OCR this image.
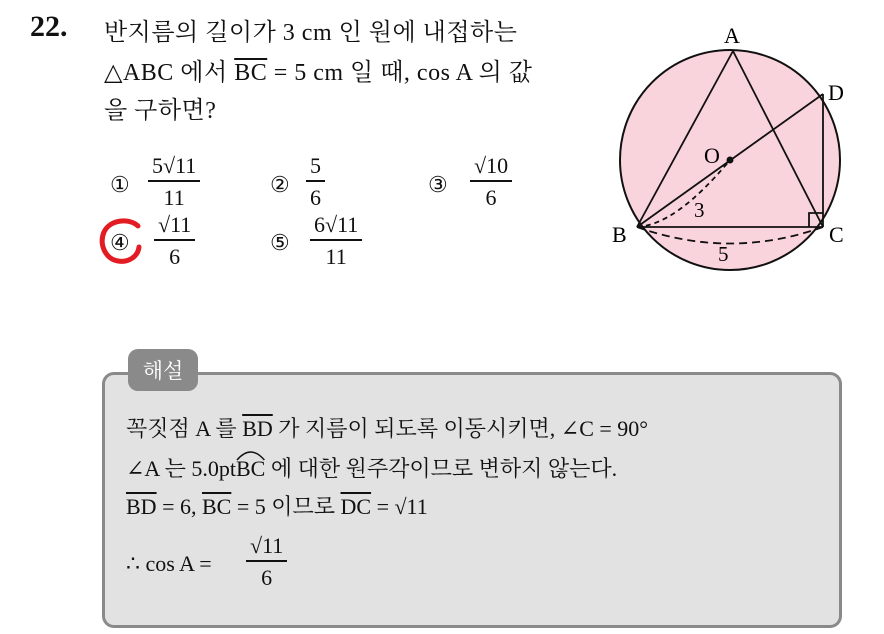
22. 반지름의 길이가 3 cm 인 원에 내접하는
△ABC 에서 $\overline{BC} = 5$ cm 일 때, cos A 의 값
을 구하면?
①
5√11
11
②
5
6
③
√10
6
④
√11
6
⑤
6√11
11
A
B	C
D
O
3
5
해설
꼭짓점 A 를 $\overline{BD}$ 가 지름이 되도록 이동시키면, ∠C = 90°
∠A 는 5.0pt
BC 에 대한 원주각이므로 변하지 않는다.
$\overline{BD} = 6$, $\overline{BC} = 5$ 이므로 $\overline{DC} = √11$
∴ cos A =
√11
6
